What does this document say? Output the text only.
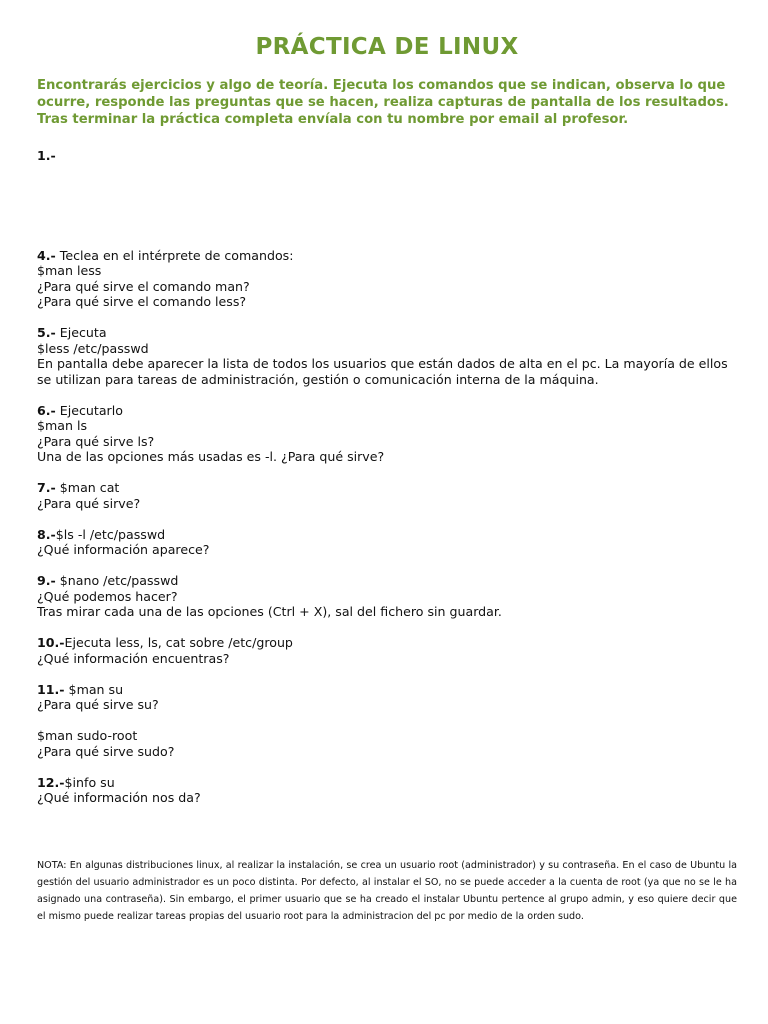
PRÁCTICA DE LINUX
Encontrarás ejercicios y algo de teoría. Ejecuta los comandos que se indican, observa lo que ocurre, responde las preguntas que se hacen, realiza capturas de pantalla de los resultados. Tras terminar la práctica completa envíala con tu nombre por email al profesor.
1.-
4.- Teclea en el intérprete de comandos:
$man less
¿Para qué sirve el comando man?
¿Para qué sirve el comando less?
5.- Ejecuta
$less /etc/passwd
En pantalla debe aparecer la lista de todos los usuarios que están dados de alta en el pc. La mayoría de ellos se utilizan para tareas de administración, gestión o comunicación interna de la máquina.
6.- Ejecutarlo
$man ls
¿Para qué sirve ls?
Una de las opciones más usadas es -l. ¿Para qué sirve?
7.- $man cat
¿Para qué sirve?
8.-$ls -l /etc/passwd
¿Qué información aparece?
9.- $nano /etc/passwd
¿Qué podemos hacer?
Tras mirar cada una de las opciones (Ctrl + X), sal del fichero sin guardar.
10.-Ejecuta less, ls, cat sobre /etc/group
¿Qué información encuentras?
11.- $man su
¿Para qué sirve su?
$man sudo-root
¿Para qué sirve sudo?
12.-$info su
¿Qué información nos da?
NOTA: En algunas distribuciones linux, al realizar la instalación, se crea un usuario root (administrador) y su contraseña. En el caso de Ubuntu la gestión del usuario administrador es un poco distinta. Por defecto, al instalar el SO, no se puede acceder a la cuenta de root (ya que no se le ha asignado una contraseña). Sin embargo, el primer usuario que se ha creado el instalar Ubuntu pertence al grupo admin, y eso quiere decir que el mismo puede realizar tareas propias del usuario root para la administracion del pc por medio de la orden sudo.
